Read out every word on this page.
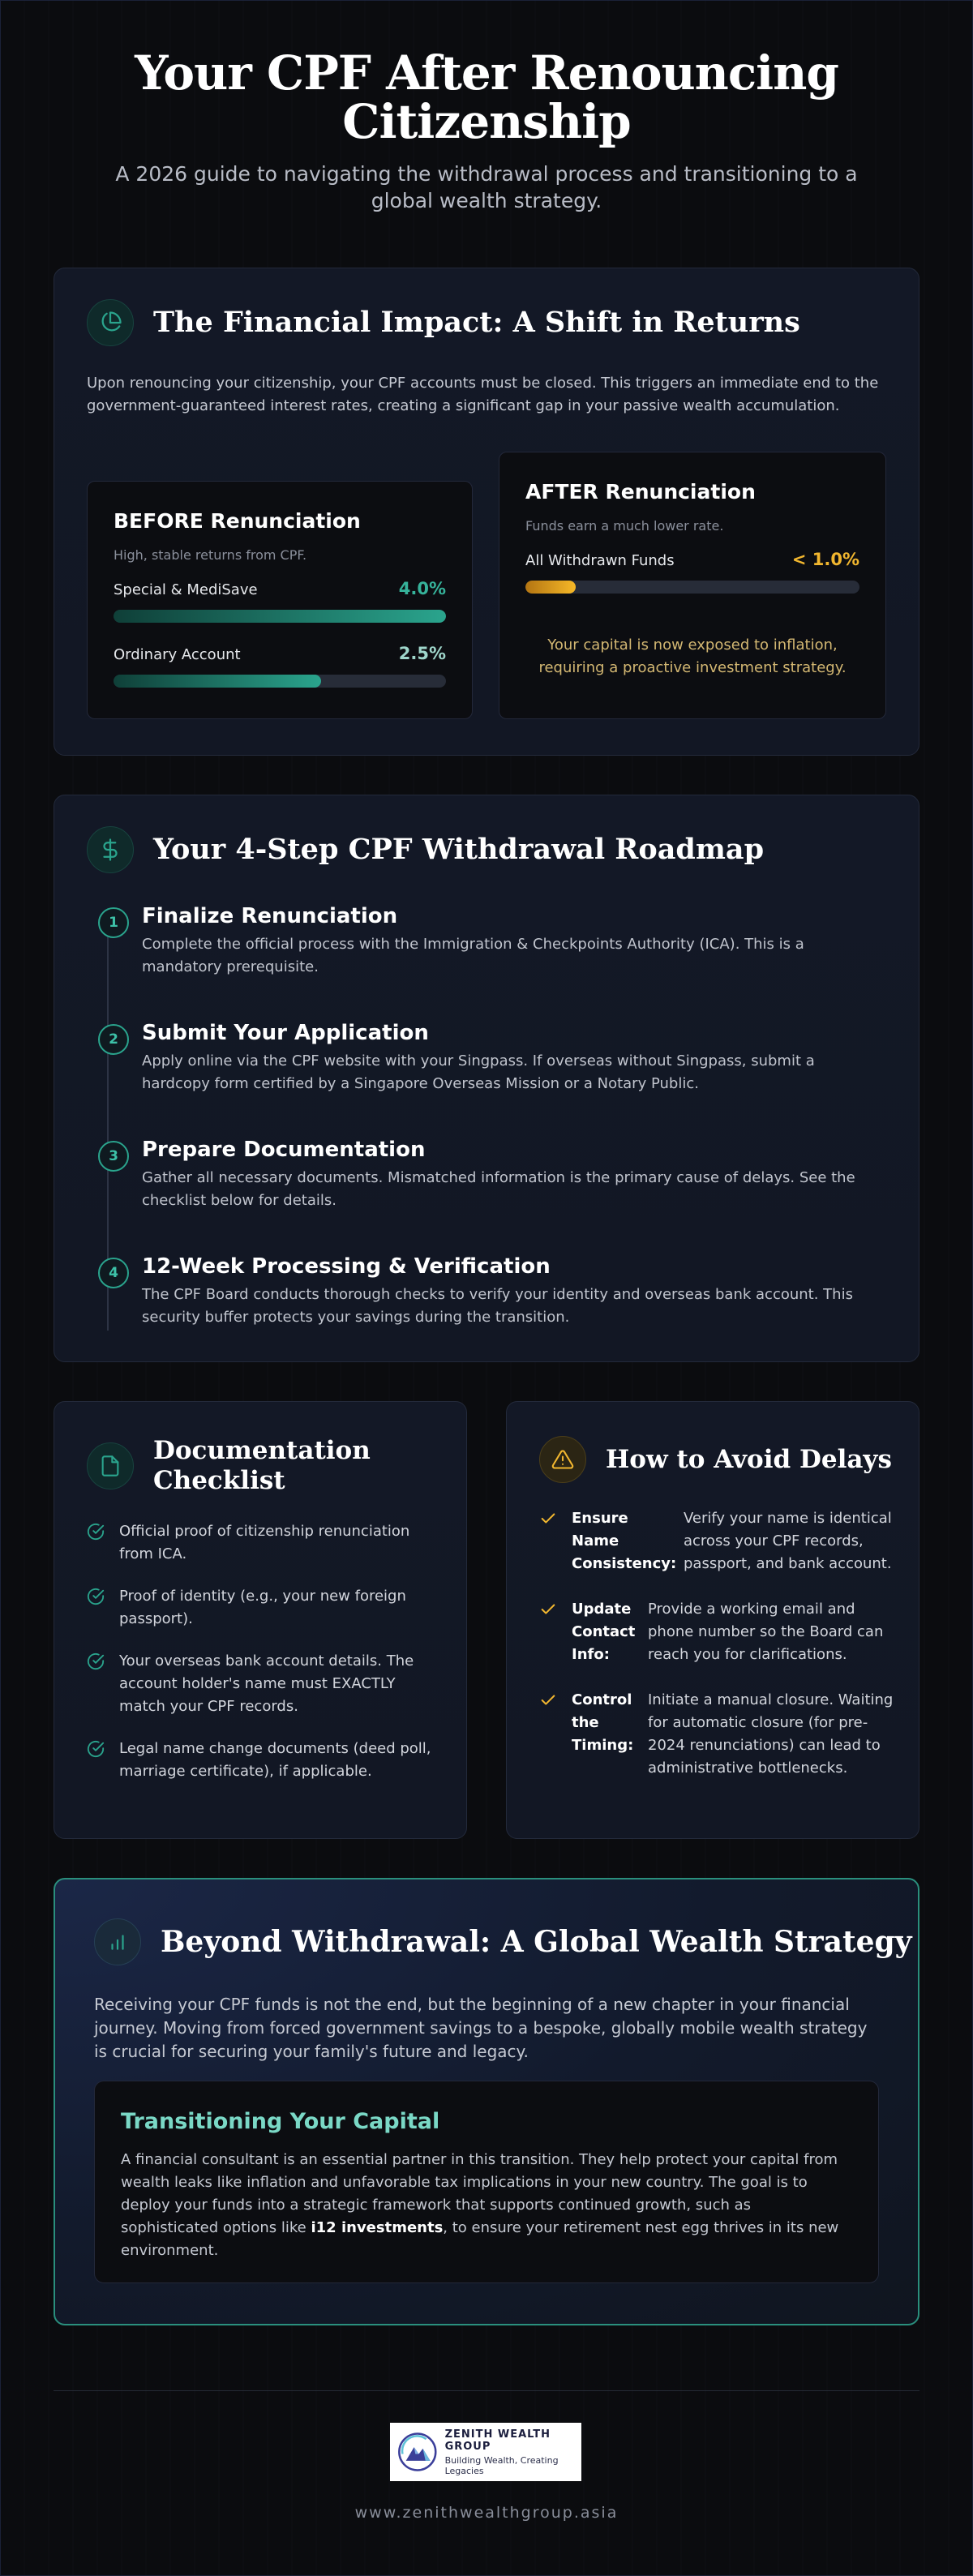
Your CPF After Renouncing Citizenship

A 2026 guide to navigating the withdrawal process and transitioning to a global wealth strategy.

The Financial Impact: A Shift in Returns

Upon renouncing your citizenship, your CPF accounts must be closed. This triggers an immediate end to the government-guaranteed interest rates, creating a significant gap in your passive wealth accumulation.

BEFORE Renunciation
High, stable returns from CPF.
Special & MediSave	4.0%
Ordinary Account	2.5%
AFTER Renunciation
Funds earn a much lower rate.
All Withdrawn Funds	< 1.0%

Your capital is now exposed to inflation, requiring a proactive investment strategy.

Your 4-Step CPF Withdrawal Roadmap
1	Finalize Renunciation

Complete the official process with the Immigration & Checkpoints Authority (ICA). This is a mandatory prerequisite.

2	Submit Your Application

Apply online via the CPF website with your Singpass. If overseas without Singpass, submit a hardcopy form certified by a Singapore Overseas Mission or a Notary Public.

3	Prepare Documentation

Gather all necessary documents. Mismatched information is the primary cause of delays. See the checklist below for details.

4	12-Week Processing & Verification

The CPF Board conducts thorough checks to verify your identity and overseas bank account. This security buffer protects your savings during the transition.

Documentation Checklist
Official proof of citizenship renunciation from ICA.
Proof of identity (e.g., your new foreign passport).
Your overseas bank account details. The account holder's name must EXACTLY match your CPF records.
Legal name change documents (deed poll, marriage certificate), if applicable.
How to Avoid Delays
Ensure Name Consistency:
Verify your name is identical across your CPF records, passport, and bank account.
Update Contact Info:
Provide a working email and phone number so the Board can reach you for clarifications.
Control the Timing:
Initiate a manual closure. Waiting for automatic closure (for pre-2024 renunciations) can lead to administrative bottlenecks.
Beyond Withdrawal: A Global Wealth Strategy

Receiving your CPF funds is not the end, but the beginning of a new chapter in your financial journey. Moving from forced government savings to a bespoke, globally mobile wealth strategy is crucial for securing your family's future and legacy.

Transitioning Your Capital

A financial consultant is an essential partner in this transition. They help protect your capital from wealth leaks like inflation and unfavorable tax implications in your new country. The goal is to deploy your funds into a strategic framework that supports continued growth, such as sophisticated options like i12 investments, to ensure your retirement nest egg thrives in its new environment.

ZENITH WEALTH GROUP
Building Wealth, Creating Legacies
www.zenithwealthgroup.asia
